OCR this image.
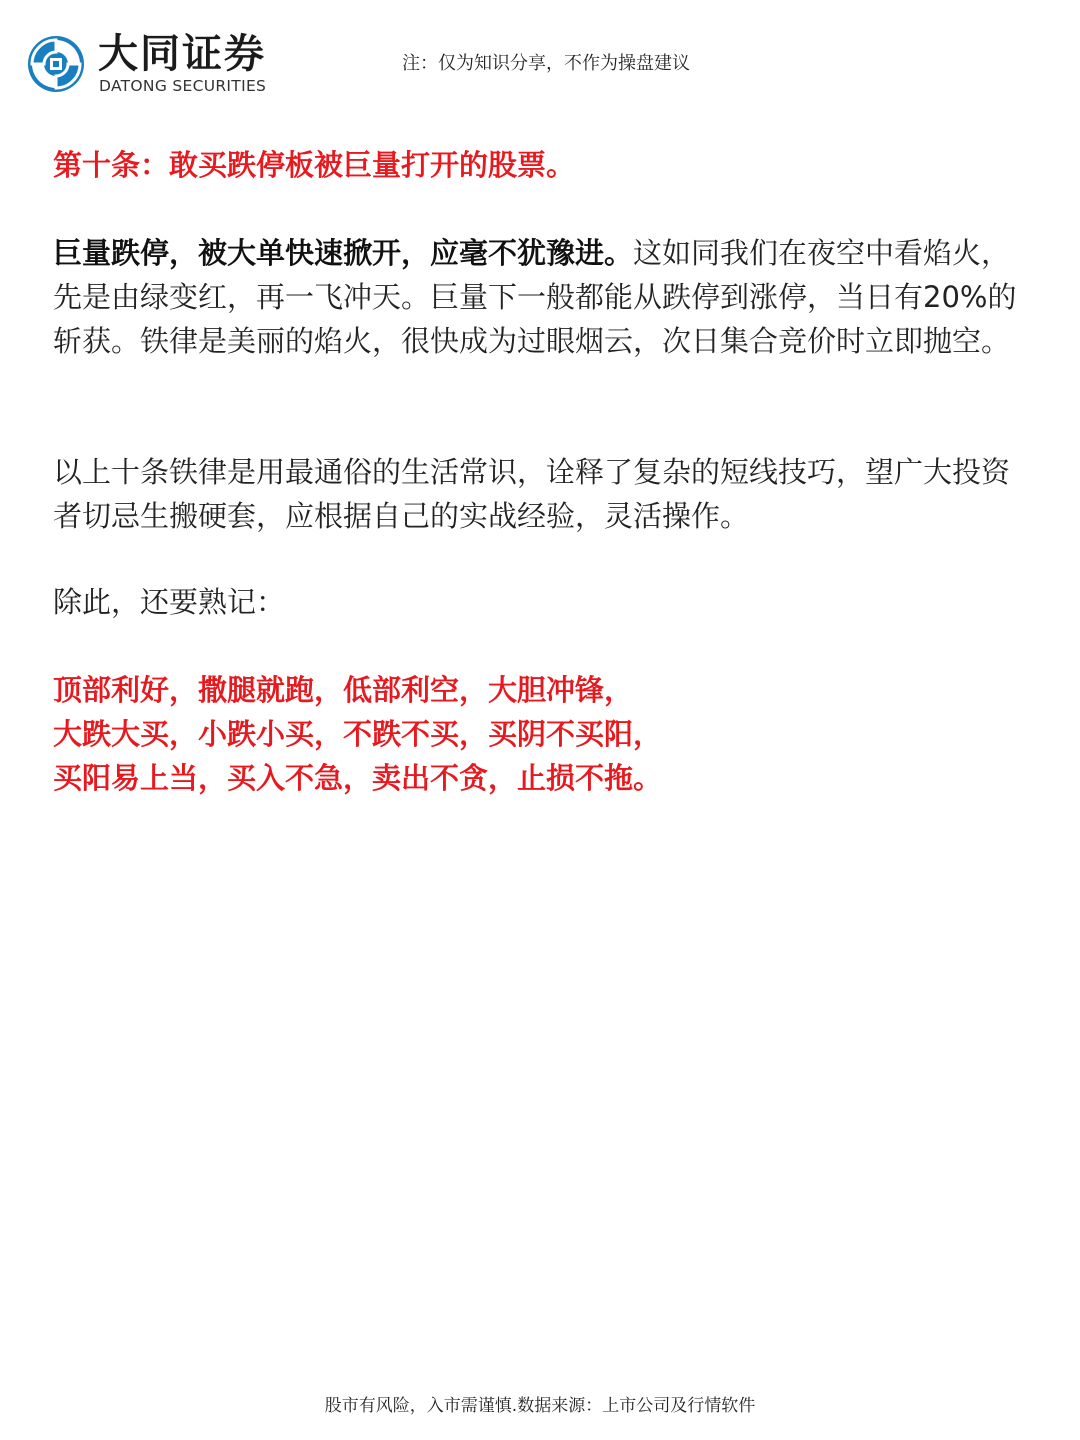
大同证券
DATONG SECURITIES
注：仅为知识分享，不作为操盘建议

第十条：敢买跌停板被巨量打开的股票。

巨量跌停，被大单快速掀开，应毫不犹豫进。这如同我们在夜空中看焰火，先是由绿变红，再一飞冲天。巨量下一般都能从跌停到涨停，当日有20%的斩获。铁律是美丽的焰火，很快成为过眼烟云，次日集合竞价时立即抛空。

以上十条铁律是用最通俗的生活常识，诠释了复杂的短线技巧，望广大投资者切忌生搬硬套，应根据自己的实战经验，灵活操作。

除此，还要熟记：

顶部利好，撒腿就跑，低部利空，大胆冲锋，
大跌大买，小跌小买，不跌不买，买阴不买阳，
买阳易上当，买入不急，卖出不贪，止损不拖。

股市有风险，入市需谨慎.数据来源：上市公司及行情软件
